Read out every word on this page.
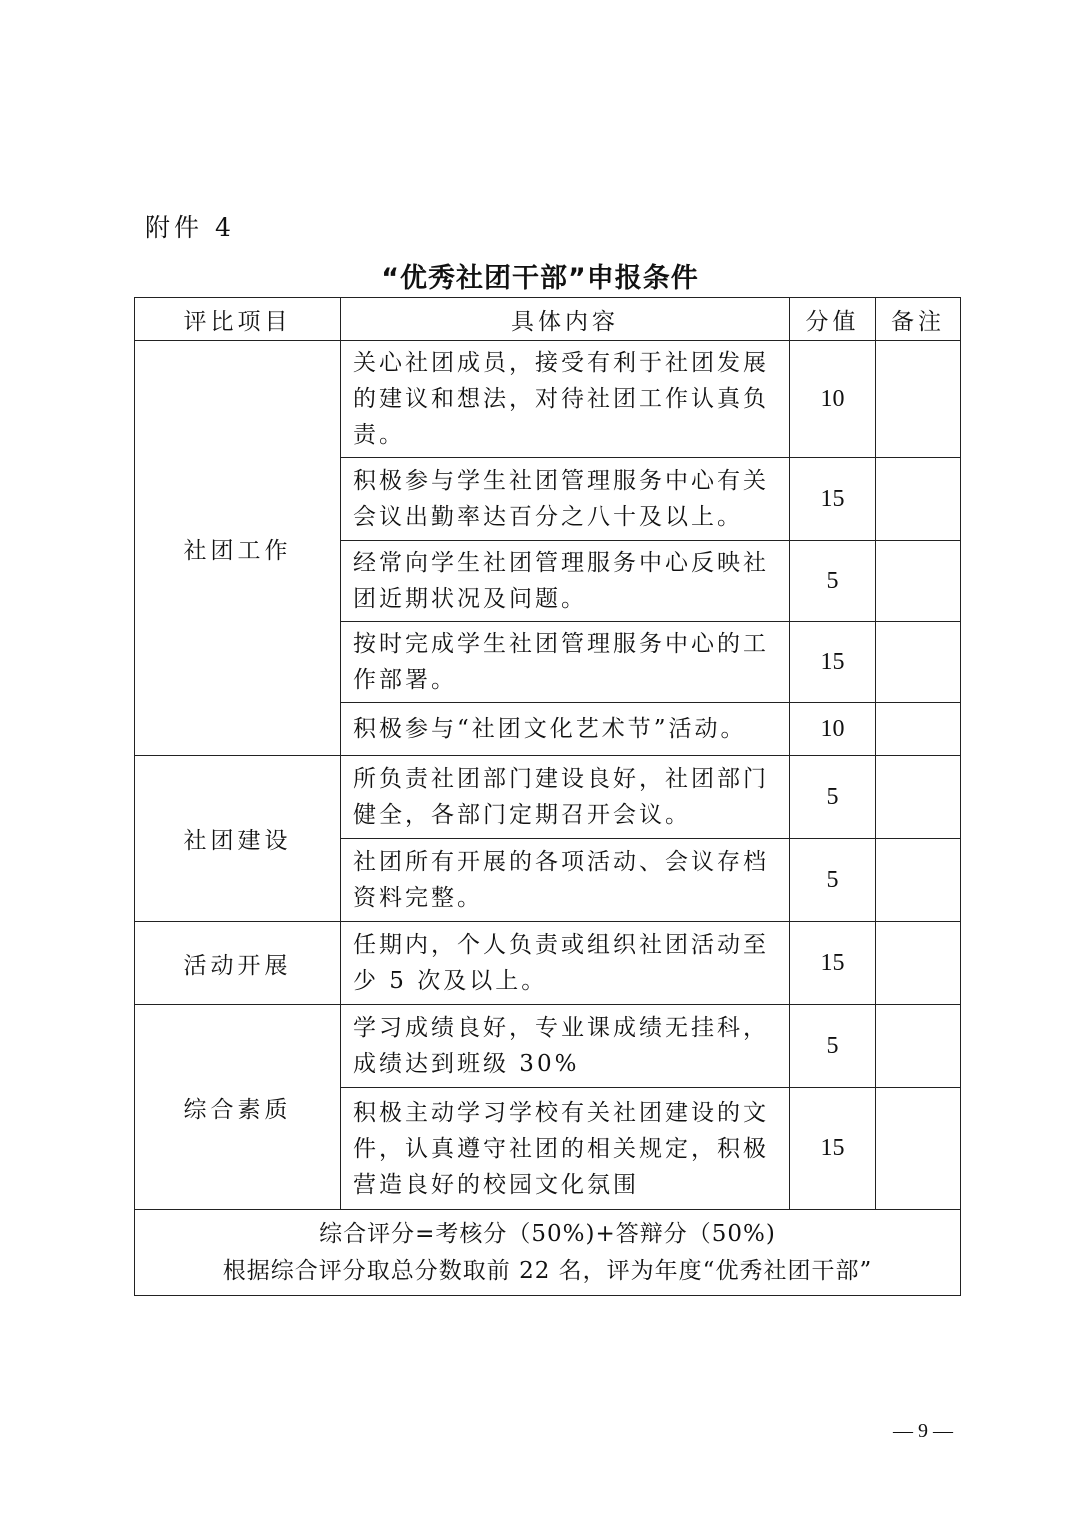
附件 4
“优秀社团干部”申报条件
评比项目	具体内容	分值	备注
社团工作	关心社团成员，接受有利于社团发展的建议和想法，对待社团工作认真负责。	10	
	积极参与学生社团管理服务中心有关会议出勤率达百分之八十及以上。	15	
	经常向学生社团管理服务中心反映社团近期状况及问题。	5	
	按时完成学生社团管理服务中心的工作部署。	15	
	积极参与“社团文化艺术节”活动。	10	
社团建设	所负责社团部门建设良好，社团部门健全，各部门定期召开会议。	5	
	社团所有开展的各项活动、会议存档资料完整。	5	
活动开展	任期内，个人负责或组织社团活动至少 5 次及以上。	15	
综合素质	学习成绩良好，专业课成绩无挂科，成绩达到班级 30%	5	
	积极主动学习学校有关社团建设的文件，认真遵守社团的相关规定，积极营造良好的校园文化氛围	15	

综合评分=考核分（50%)+答辩分（50%)
根据综合评分取总分数取前 22 名，评为年度“优秀社团干部”			
— 9 —
